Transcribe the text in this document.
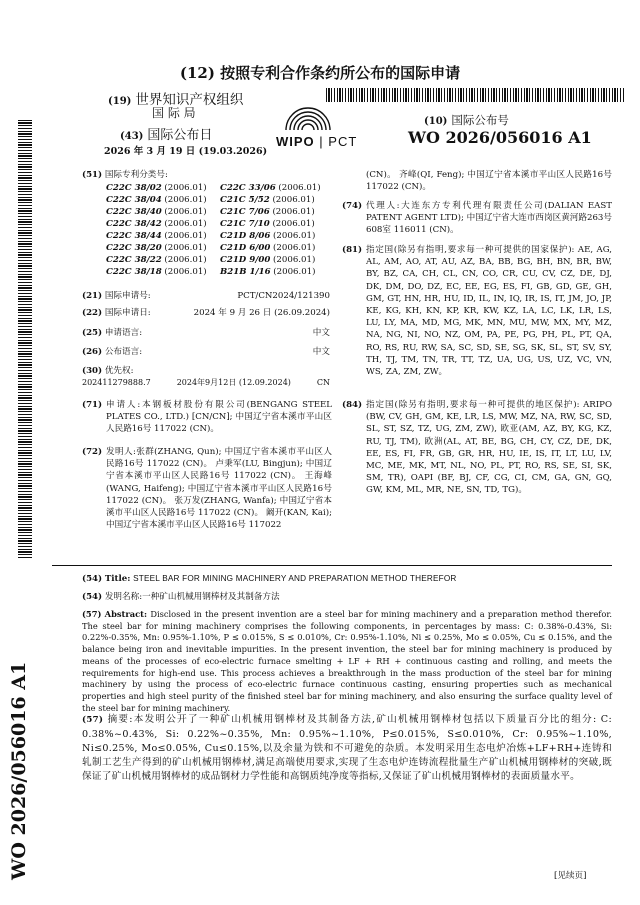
(12) 按照专利合作条约所公布的国际申请
(19) 世界知识产权组织
国 际 局
(43) 国际公布日
2026 年 3 月 19 日 (19.03.2026)
WIPO | PCT
(10) 国际公布号
WO 2026/056016 A1
WO 2026/056016 A1
(51) 国际专利分类号:
C22C 38/02 (2006.01)	C22C 33/06 (2006.01)
C22C 38/04 (2006.01)	C21C 5/52 (2006.01)
C22C 38/40 (2006.01)	C21C 7/06 (2006.01)
C22C 38/42 (2006.01)	C21C 7/10 (2006.01)
C22C 38/44 (2006.01)	C21D 8/06 (2006.01)
C22C 38/20 (2006.01)	C21D 6/00 (2006.01)
C22C 38/22 (2006.01)	C21D 9/00 (2006.01)
C22C 38/18 (2006.01)	B21B 1/16 (2006.01)
(21) 国际申请号:	PCT/CN2024/121390
(22) 国际申请日:	2024 年 9 月 26 日 (26.09.2024)
(25) 申请语言:	中文
(26) 公布语言:	中文
(30) 优先权:
202411279888.7	2024年9月12日 (12.09.2024)	CN
(71) 申请人:本钢板材股份有限公司(BENGANG STEEL PLATES CO., LTD.) [CN/CN]; 中国辽宁省本溪市平山区人民路16号 117022 (CN)。
(72) 发明人:张群(ZHANG, Qun); 中国辽宁省本溪市平山区人民路16号 117022 (CN)。 卢秉军(LU, Bingjun); 中国辽宁省本溪市平山区人民路16号 117022 (CN)。 王海峰(WANG, Haifeng); 中国辽宁省本溪市平山区人民路16号 117022 (CN)。 张万发(ZHANG, Wanfa); 中国辽宁省本溪市平山区人民路16号 117022 (CN)。 阚开(KAN, Kai); 中国辽宁省本溪市平山区人民路16号 117022
(CN)。 齐峰(QI, Feng); 中国辽宁省本溪市平山区人民路16号 117022 (CN)。
(74) 代理人:大连东方专利代理有限责任公司(DALIAN EAST PATENT AGENT LTD); 中国辽宁省大连市西岗区黄河路263号608室 116011 (CN)。
(81) 指定国(除另有指明,要求每一种可提供的国家保护): AE, AG, AL, AM, AO, AT, AU, AZ, BA, BB, BG, BH, BN, BR, BW, BY, BZ, CA, CH, CL, CN, CO, CR, CU, CV, CZ, DE, DJ, DK, DM, DO, DZ, EC, EE, EG, ES, FI, GB, GD, GE, GH, GM, GT, HN, HR, HU, ID, IL, IN, IQ, IR, IS, IT, JM, JO, JP, KE, KG, KH, KN, KP, KR, KW, KZ, LA, LC, LK, LR, LS, LU, LY, MA, MD, MG, MK, MN, MU, MW, MX, MY, MZ, NA, NG, NI, NO, NZ, OM, PA, PE, PG, PH, PL, PT, QA, RO, RS, RU, RW, SA, SC, SD, SE, SG, SK, SL, ST, SV, SY, TH, TJ, TM, TN, TR, TT, TZ, UA, UG, US, UZ, VC, VN, WS, ZA, ZM, ZW。
(84) 指定国(除另有指明,要求每一种可提供的地区保护): ARIPO (BW, CV, GH, GM, KE, LR, LS, MW, MZ, NA, RW, SC, SD, SL, ST, SZ, TZ, UG, ZM, ZW), 欧亚(AM, AZ, BY, KG, KZ, RU, TJ, TM), 欧洲(AL, AT, BE, BG, CH, CY, CZ, DE, DK, EE, ES, FI, FR, GB, GR, HR, HU, IE, IS, IT, LT, LU, LV, MC, ME, MK, MT, NL, NO, PL, PT, RO, RS, SE, SI, SK, SM, TR), OAPI (BF, BJ, CF, CG, CI, CM, GA, GN, GQ, GW, KM, ML, MR, NE, SN, TD, TG)。
(54) Title: STEEL BAR FOR MINING MACHINERY AND PREPARATION METHOD THEREFOR
(54) 发明名称:一种矿山机械用钢棒材及其制备方法
(57) Abstract: Disclosed in the present invention are a steel bar for mining machinery and a preparation method therefor. The steel bar for mining machinery comprises the following components, in percentages by mass: C: 0.38%-0.43%, Si: 0.22%-0.35%, Mn: 0.95%-1.10%, P ≤ 0.015%, S ≤ 0.010%, Cr: 0.95%-1.10%, Ni ≤ 0.25%, Mo ≤ 0.05%, Cu ≤ 0.15%, and the balance being iron and inevitable impurities. In the present invention, the steel bar for mining machinery is produced by means of the processes of eco-electric furnace smelting + LF + RH + continuous casting and rolling, and meets the requirements for high-end use. This process achieves a breakthrough in the mass production of the steel bar for mining machinery by using the process of eco-electric furnace continuous casting, ensuring properties such as mechanical properties and high steel purity of the finished steel bar for mining machinery, and also ensuring the surface quality level of the steel bar for mining machinery.
(57) 摘要:本发明公开了一种矿山机械用钢棒材及其制备方法,矿山机械用钢棒材包括以下质量百分比的组分: C: 0.38%~0.43%, Si: 0.22%~0.35%, Mn: 0.95%~1.10%, P≤0.015%, S≤0.010%, Cr: 0.95%~1.10%, Ni≤0.25%, Mo≤0.05%, Cu≤0.15%,以及余量为铁和不可避免的杂质。本发明采用生态电炉冶炼+LF+RH+连铸和轧制工艺生产得到的矿山机械用钢棒材,满足高端使用要求,实现了生态电炉连铸流程批量生产矿山机械用钢棒材的突破,既保证了矿山机械用钢棒材的成品钢材力学性能和高钢质纯净度等指标,又保证了矿山机械用钢棒材的表面质量水平。
[见续页]
